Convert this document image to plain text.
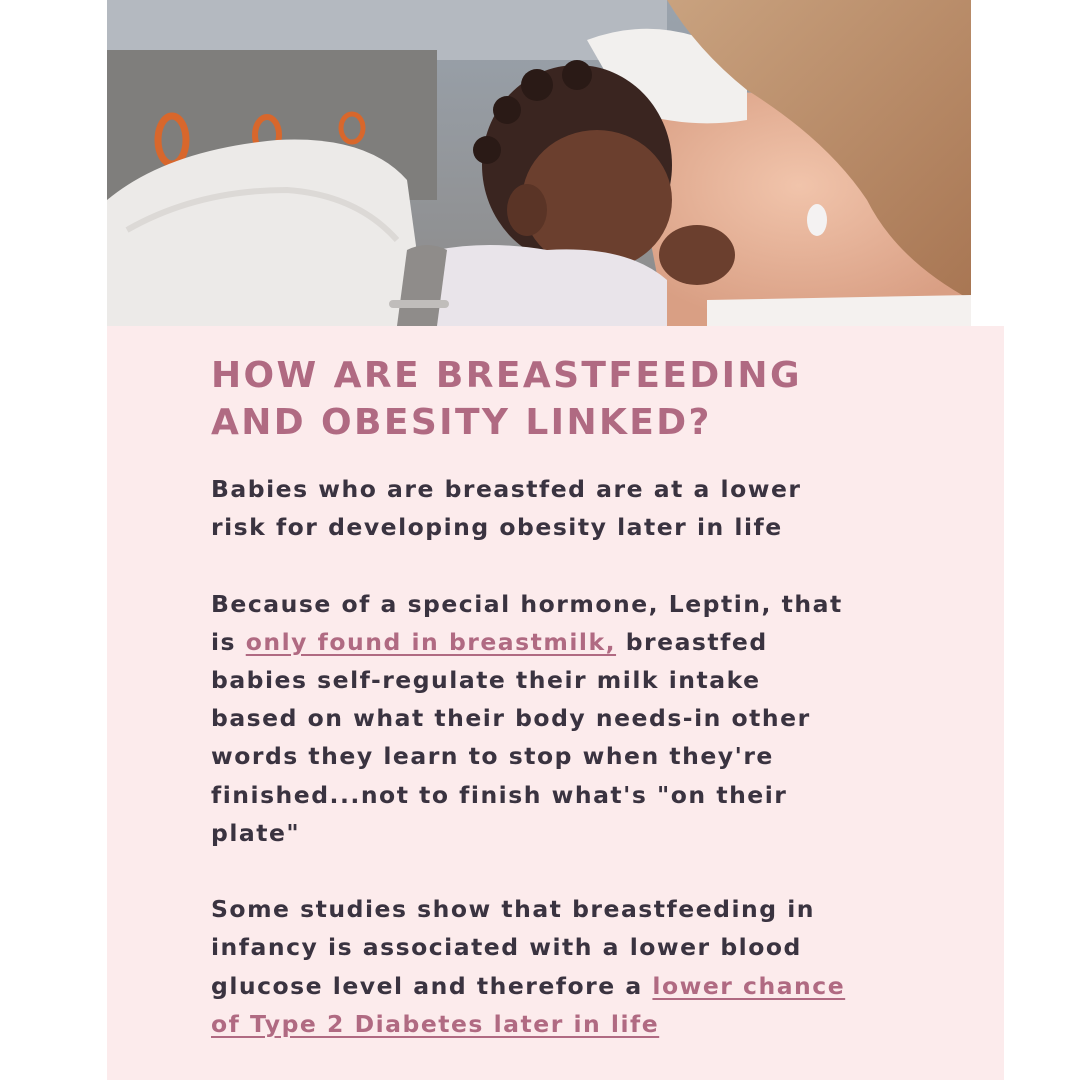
HOW ARE BREASTFEEDING AND OBESITY LINKED?

Babies who are breastfed are at a lower risk for developing obesity later in life

Because of a special hormone, Leptin, that is only found in breastmilk, breastfed babies self-regulate their milk intake based on what their body needs-in other words they learn to stop when they're finished...not to finish what's "on their plate"

Some studies show that breastfeeding in infancy is associated with a lower blood glucose level and therefore a lower chance of Type 2 Diabetes later in life
